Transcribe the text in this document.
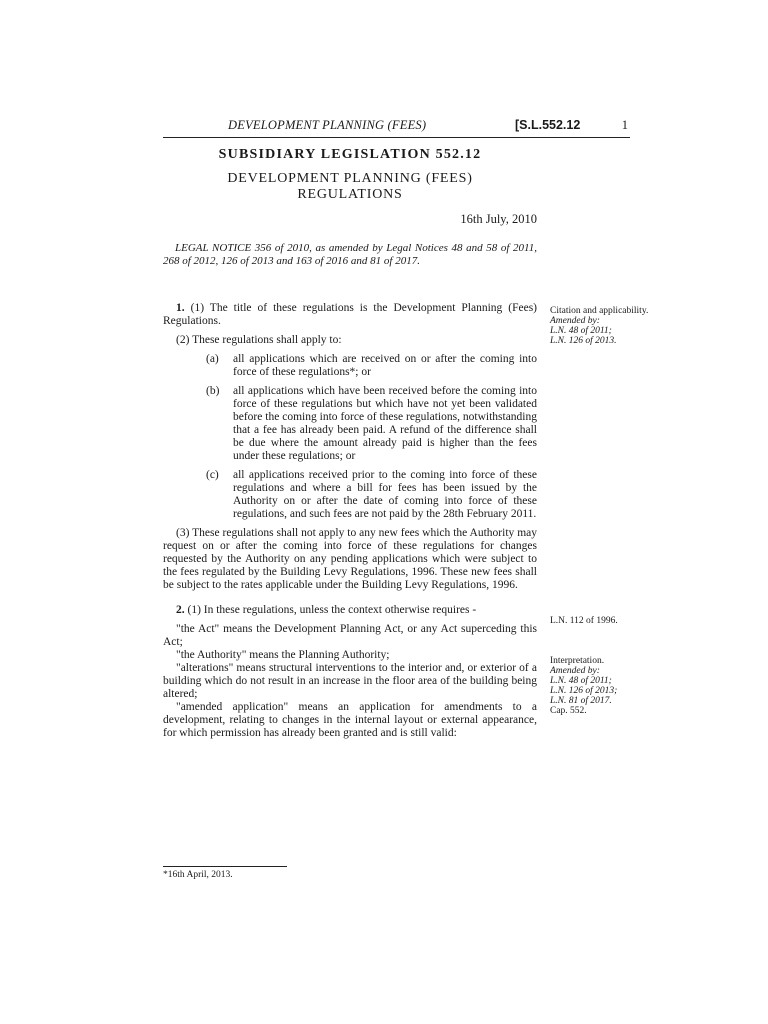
DEVELOPMENT PLANNING (FEES)	[S.L.552.12	1
SUBSIDIARY LEGISLATION 552.12
DEVELOPMENT PLANNING (FEES)
REGULATIONS
16th July, 2010
LEGAL NOTICE 356 of 2010, as amended by Legal Notices 48 and 58 of 2011, 268 of 2012, 126 of 2013 and 163 of 2016 and 81 of 2017.

1. (1) The title of these regulations is the Development Planning (Fees) Regulations.

(2) These regulations shall apply to:

(a) all applications which are received on or after the coming into force of these regulations*; or

(b) all applications which have been received before the coming into force of these regulations but which have not yet been validated before the coming into force of these regulations, notwithstanding that a fee has already been paid. A refund of the difference shall be due where the amount already paid is higher than the fees under these regulations; or

(c) all applications received prior to the coming into force of these regulations and where a bill for fees has been issued by the Authority on or after the date of coming into force of these regulations, and such fees are not paid by the 28th February 2011.

(3) These regulations shall not apply to any new fees which the Authority may request on or after the coming into force of these regulations for changes requested by the Authority on any pending applications which were subject to the fees regulated by the Building Levy Regulations, 1996. These new fees shall be subject to the rates applicable under the Building Levy Regulations, 1996.

2. (1) In these regulations, unless the context otherwise requires -

"the Act" means the Development Planning Act, or any Act superceding this Act;

"the Authority" means the Planning Authority;

"alterations" means structural interventions to the interior and, or exterior of a building which do not result in an increase in the floor area of the building being altered;

"amended application" means an application for amendments to a development, relating to changes in the internal layout or external appearance, for which permission has already been granted and is still valid:

Citation and applicability.
Amended by:
L.N. 48 of 2011;
L.N. 126 of 2013.
L.N. 112 of 1996.
Interpretation.
Amended by:
L.N. 48 of 2011;
L.N. 126 of 2013;
L.N. 81 of 2017.
Cap. 552.
*16th April, 2013.
